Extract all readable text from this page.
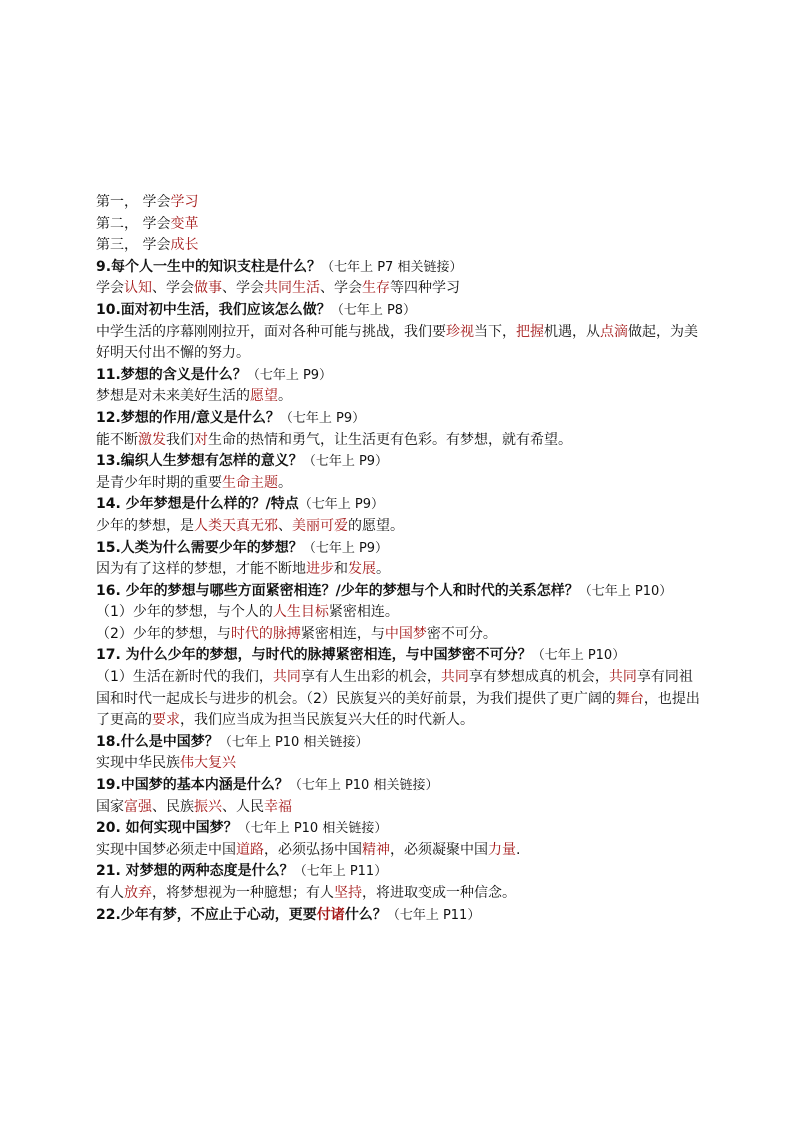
第一， 学会学习
第二， 学会变革
第三， 学会成长
9.每个人一生中的知识支柱是什么？（七年上 P7 相关链接）
学会认知、学会做事、学会共同生活、学会生存等四种学习
10.面对初中生活，我们应该怎么做？（七年上 P8）
中学生活的序幕刚刚拉开，面对各种可能与挑战，我们要珍视当下，把握机遇，从点滴做起，为美好明天付出不懈的努力。
11.梦想的含义是什么？（七年上 P9）
梦想是对未来美好生活的愿望。
12.梦想的作用/意义是什么？（七年上 P9）
能不断激发我们对生命的热情和勇气，让生活更有色彩。有梦想，就有希望。
13.编织人生梦想有怎样的意义？（七年上 P9）
是青少年时期的重要生命主题。
14. 少年梦想是什么样的？/特点（七年上 P9）
少年的梦想，是人类天真无邪、美丽可爱的愿望。
15.人类为什么需要少年的梦想？（七年上 P9）
因为有了这样的梦想，才能不断地进步和发展。
16. 少年的梦想与哪些方面紧密相连？/少年的梦想与个人和时代的关系怎样？（七年上 P10）
（1）少年的梦想，与个人的人生目标紧密相连。
（2）少年的梦想，与时代的脉搏紧密相连，与中国梦密不可分。
17. 为什么少年的梦想，与时代的脉搏紧密相连，与中国梦密不可分？（七年上 P10）
（1）生活在新时代的我们，共同享有人生出彩的机会，共同享有梦想成真的机会，共同享有同祖国和时代一起成长与进步的机会。（2）民族复兴的美好前景，为我们提供了更广阔的舞台，也提出了更高的要求，我们应当成为担当民族复兴大任的时代新人。
18.什么是中国梦？（七年上 P10 相关链接）
实现中华民族伟大复兴
19.中国梦的基本内涵是什么？（七年上 P10 相关链接）
国家富强、民族振兴、人民幸福
20. 如何实现中国梦？（七年上 P10 相关链接）
实现中国梦必须走中国道路，必须弘扬中国精神，必须凝聚中国力量.
21. 对梦想的两种态度是什么？（七年上 P11）
有人放弃，将梦想视为一种臆想；有人坚持，将进取变成一种信念。
22.少年有梦，不应止于心动，更要付诸什么？（七年上 P11）
